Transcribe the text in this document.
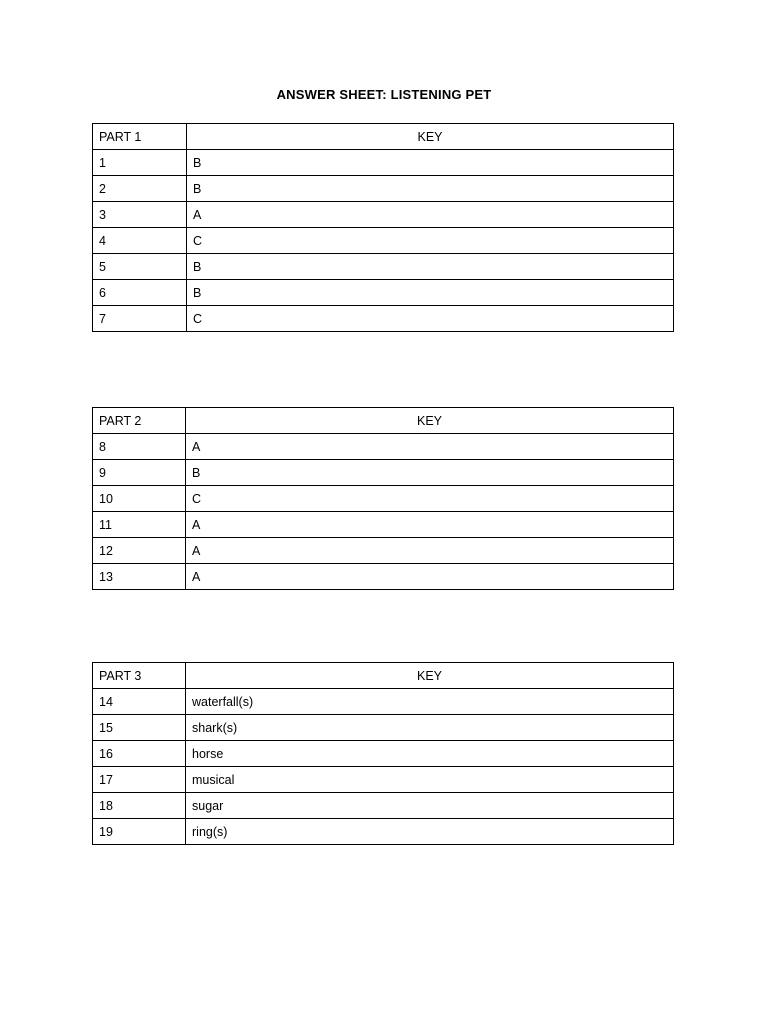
ANSWER SHEET: LISTENING PET
PART 1	KEY
1	B
2	B
3	A
4	C
5	B
6	B
7	C
PART 2	KEY
8	A
9	B
10	C
11	A
12	A
13	A
PART 3	KEY
14	waterfall(s)
15	shark(s)
16	horse
17	musical
18	sugar
19	ring(s)
